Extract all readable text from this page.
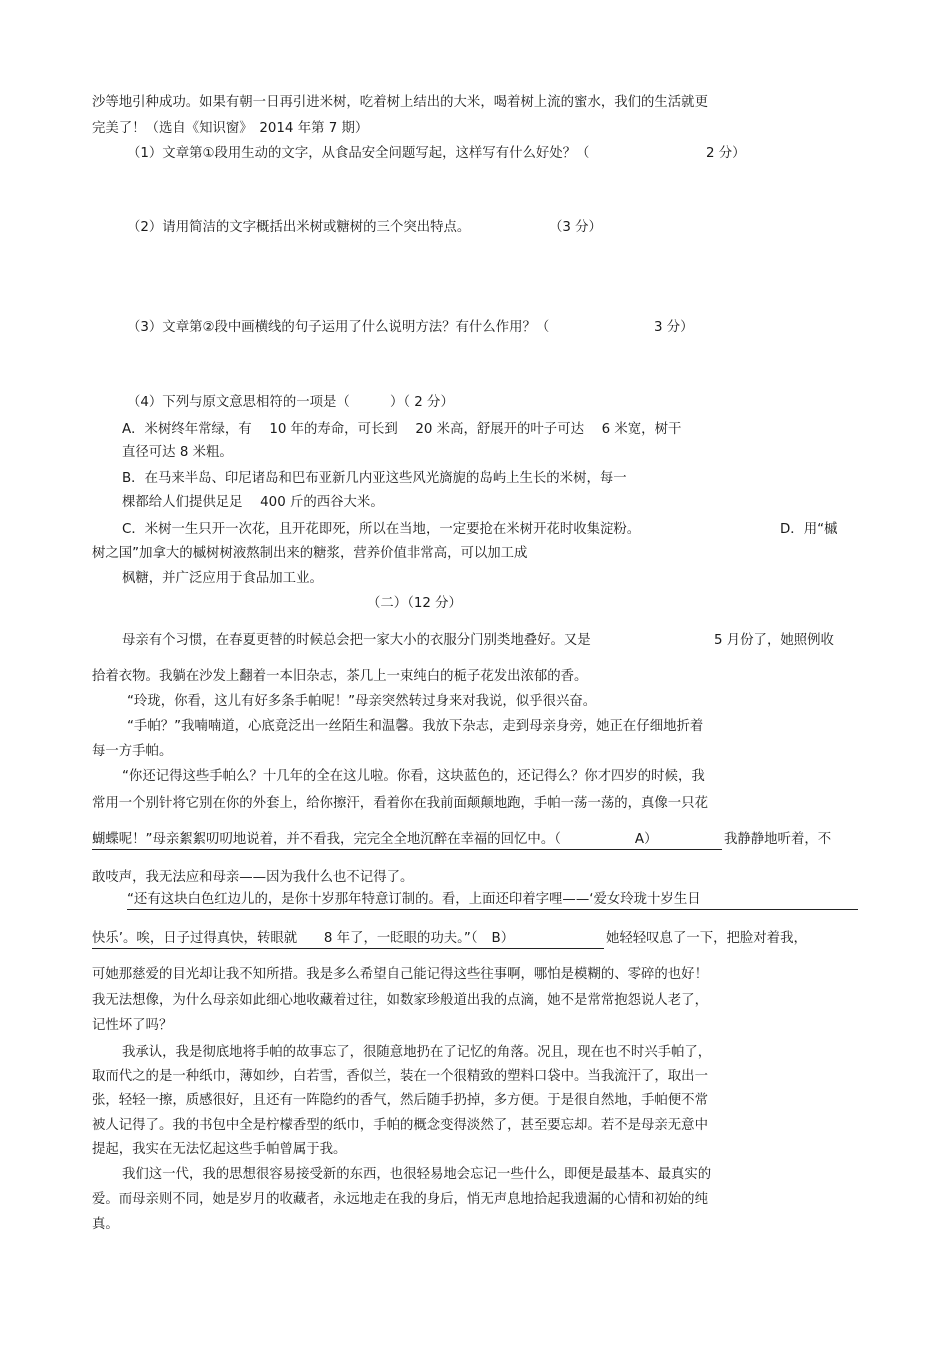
沙等地引种成功。如果有朝一日再引进米树，吃着树上结出的大米，喝着树上流的蜜水，我们的生活就更
完美了！（选自《知识窗》　2014 年第 7 期）
（1）文章第①段用生动的文字，从食品安全问题写起，这样写有什么好处？（	2 分）
（2）请用简洁的文字概括出米树或糖树的三个突出特点。	（3 分）
（3）文章第②段中画横线的句子运用了什么说明方法？有什么作用？（	3 分）
（4）下列与原文意思相符的一项是（　　　）（ 2 分）
A．米树终年常绿，有　 10 年的寿命，可长到　 20 米高，舒展开的叶子可达　 6 米宽，树干
直径可达 8 米粗。
B．在马来半岛、印尼诸岛和巴布亚新几内亚这些风光旖旎的岛屿上生长的米树，每一
棵都给人们提供足足　 400 斤的西谷大米。
C．米树一生只开一次花，且开花即死，所以在当地，一定要抢在米树开花时收集淀粉。	D．用“槭
树之国”加拿大的槭树树液熬制出来的糖浆，营养价值非常高，可以加工成
枫糖，并广泛应用于食品加工业。
（二）（12 分）
母亲有个习惯，在春夏更替的时候总会把一家大小的衣服分门别类地叠好。又是	5 月份了，她照例收
拾着衣物。我躺在沙发上翻着一本旧杂志，茶几上一束纯白的栀子花发出浓郁的香。
“玲珑，你看，这儿有好多条手帕呢！”母亲突然转过身来对我说，似乎很兴奋。
“手帕？”我喃喃道，心底竟泛出一丝陌生和温馨。我放下杂志，走到母亲身旁，她正在仔细地折着
每一方手帕。
“你还记得这些手帕么？十几年的全在这儿啦。你看，这块蓝色的，还记得么？你才四岁的时候，我
常用一个别针将它别在你的外套上，给你擦汗，看着你在我前面颠颠地跑，手帕一荡一荡的，真像一只花
蝴蝶呢！”母亲絮絮叨叨地说着，并不看我，完完全全地沉醉在幸福的回忆中。（	A）	我静静地听着，不
敢吱声，我无法应和母亲——因为我什么也不记得了。
“还有这块白色红边儿的，是你十岁那年特意订制的。看，上面还印着字哩——‘爱女玲珑十岁生日
快乐’。唉，日子过得真快，转眼就　　8 年了，一眨眼的功夫。”（ B）	她轻轻叹息了一下，把脸对着我，
可她那慈爱的目光却让我不知所措。我是多么希望自己能记得这些往事啊，哪怕是模糊的、零碎的也好！
我无法想像，为什么母亲如此细心地收藏着过往，如数家珍般道出我的点滴，她不是常常抱怨说人老了，
记性坏了吗？
我承认，我是彻底地将手帕的故事忘了，很随意地扔在了记忆的角落。况且，现在也不时兴手帕了，
取而代之的是一种纸巾，薄如纱，白若雪，香似兰，装在一个很精致的塑料口袋中。当我流汗了，取出一
张，轻轻一擦，质感很好，且还有一阵隐约的香气，然后随手扔掉，多方便。于是很自然地，手帕便不常
被人记得了。我的书包中全是柠檬香型的纸巾，手帕的概念变得淡然了，甚至要忘却。若不是母亲无意中
提起，我实在无法忆起这些手帕曾属于我。
我们这一代，我的思想很容易接受新的东西，也很轻易地会忘记一些什么，即便是最基本、最真实的
爱。而母亲则不同，她是岁月的收藏者，永远地走在我的身后，悄无声息地拾起我遗漏的心情和初始的纯
真。
